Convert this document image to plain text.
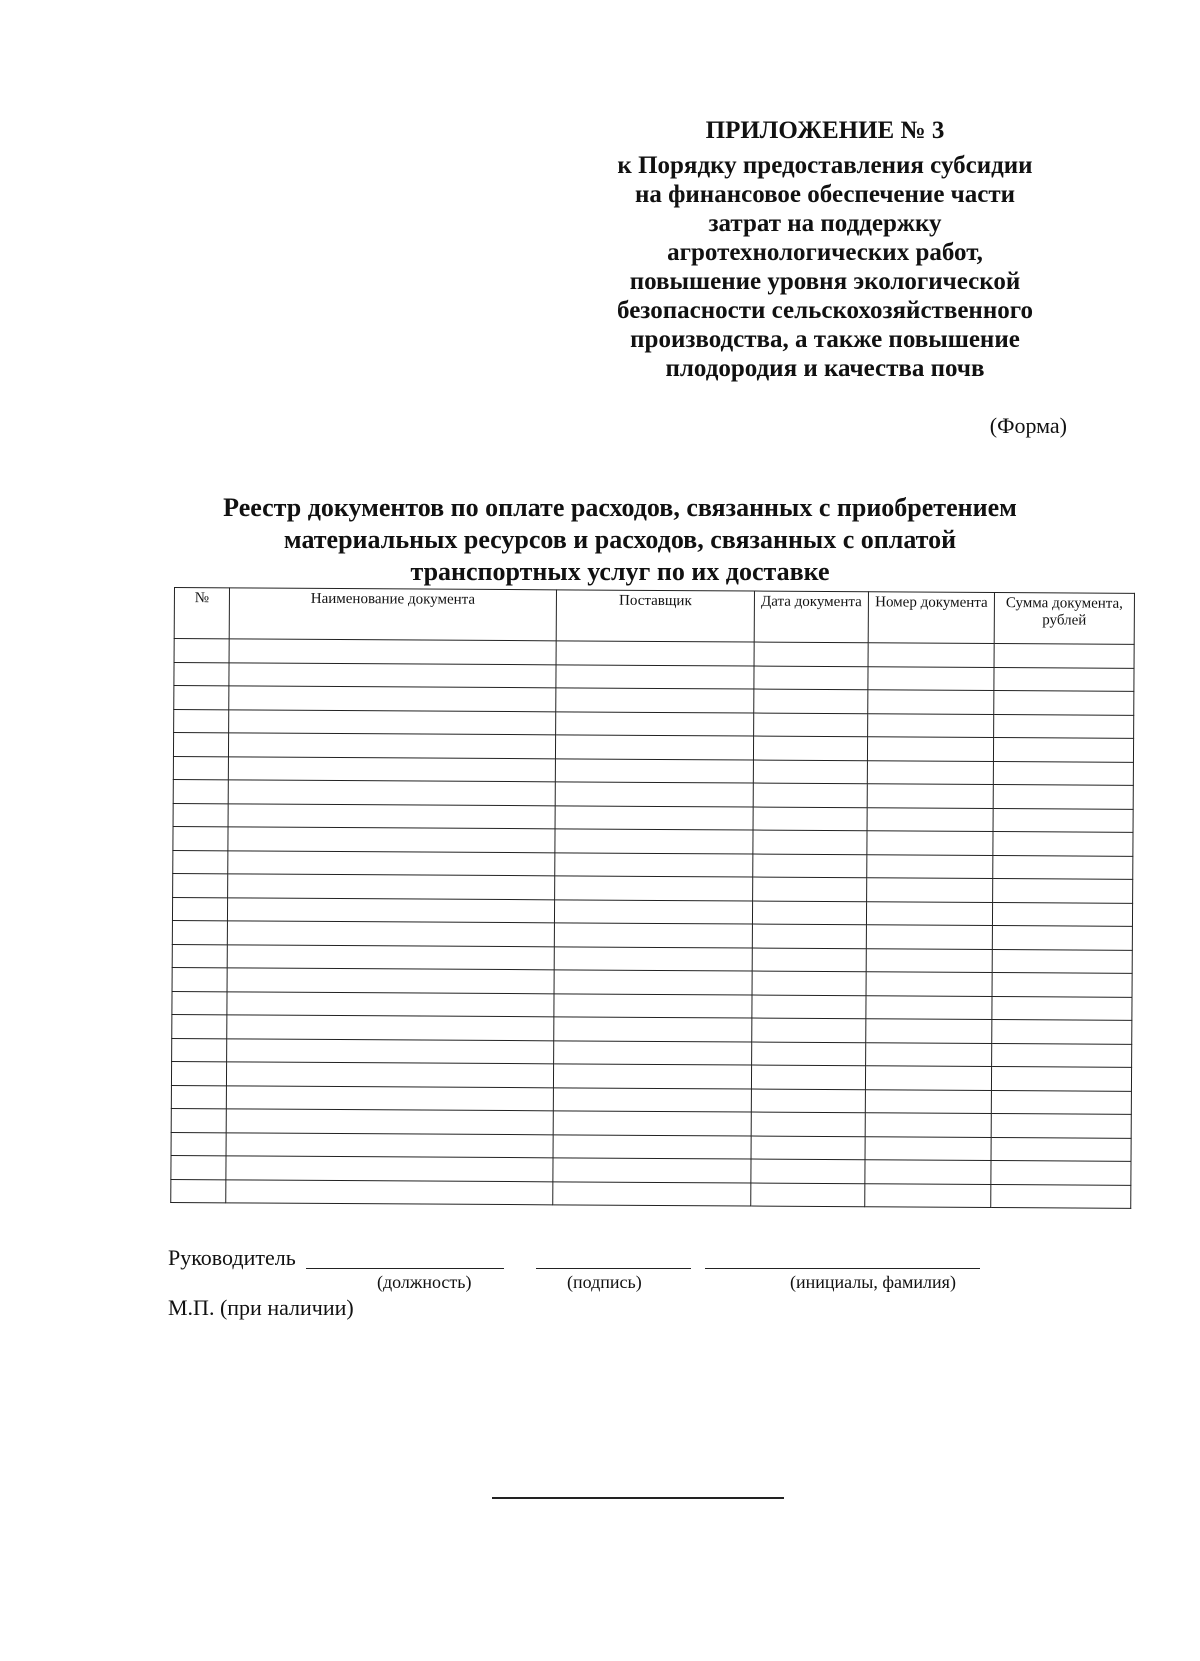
ПРИЛОЖЕНИЕ № 3
к Порядку предоставления субсидии
на финансовое обеспечение части
затрат на поддержку
агротехнологических работ,
повышение уровня экологической
безопасности сельскохозяйственного
производства, а также повышение
плодородия и качества почв
(Форма)
Реестр документов по оплате расходов, связанных с приобретением
материальных ресурсов и расходов, связанных с оплатой
транспортных услуг по их доставке
№	Наименование документа	Поставщик	Дата документа	Номер документа	Сумма документа, рублей

Руководитель
(должность)	(подпись)	(инициалы, фамилия)
М.П. (при наличии)
